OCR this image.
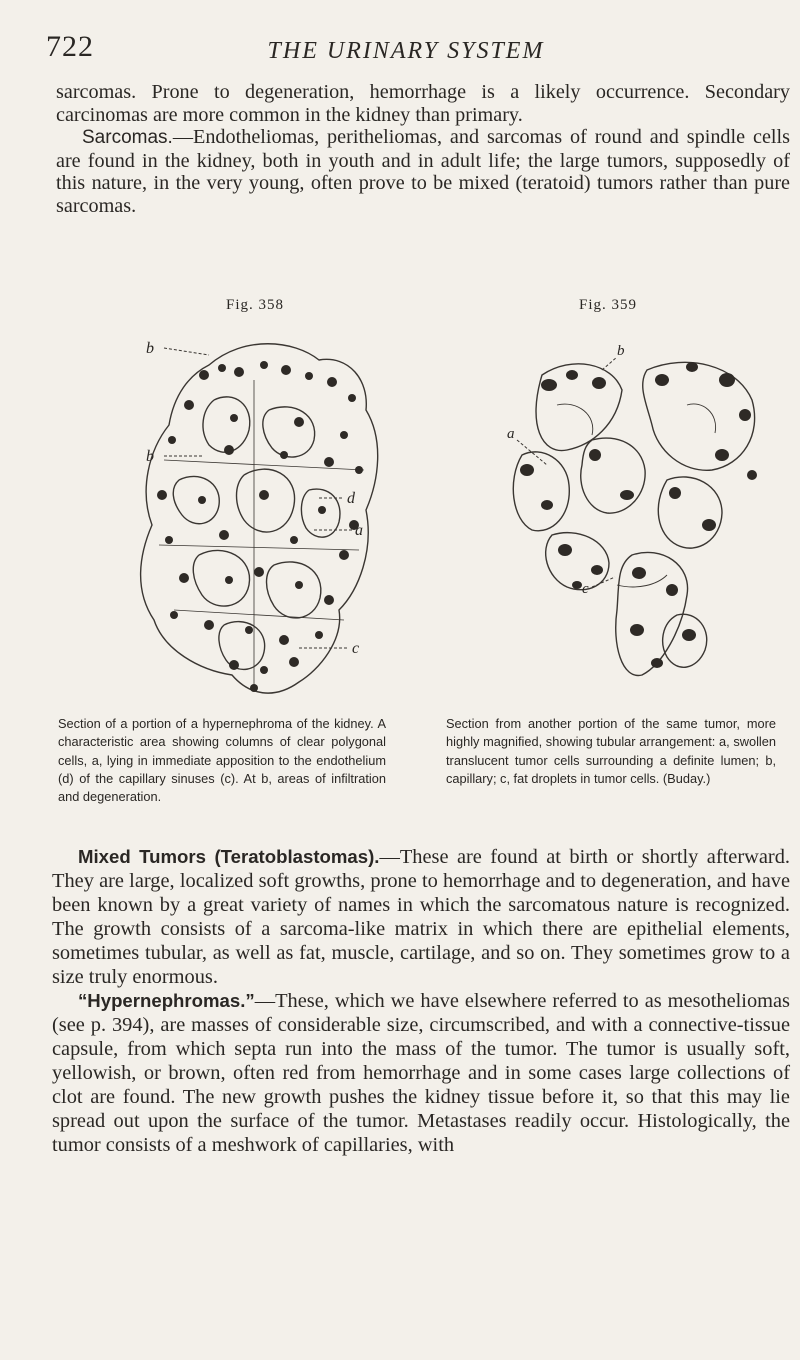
722	THE URINARY SYSTEM

sarcomas. Prone to degeneration, hemorrhage is a likely occurrence. Secondary carcinomas are more common in the kidney than primary.

Sarcomas.—Endotheliomas, peritheliomas, and sarcomas of round and spindle cells are found in the kidney, both in youth and in adult life; the large tumors, supposedly of this nature, in the very young, often prove to be mixed (teratoid) tumors rather than pure sarcomas.

Fig. 358	Fig. 359
b
b
d
a
c
b
a
c
Section of a portion of a hypernephroma of the kidney. A characteristic area showing columns of clear polygonal cells, a, lying in immediate apposition to the endothelium (d) of the capillary sinuses (c). At b, areas of infiltration and degeneration.
Section from another portion of the same tumor, more highly magnified, showing tubular arrangement: a, swollen translucent tumor cells surrounding a definite lumen; b, capillary; c, fat droplets in tumor cells. (Buday.)

Mixed Tumors (Teratoblastomas).—These are found at birth or shortly afterward. They are large, localized soft growths, prone to hemorrhage and to degeneration, and have been known by a great variety of names in which the sarcomatous nature is recognized. The growth consists of a sarcoma-like matrix in which there are epithelial elements, sometimes tubular, as well as fat, muscle, cartilage, and so on. They sometimes grow to a size truly enormous.

“Hypernephromas.”—These, which we have elsewhere referred to as mesotheliomas (see p. 394), are masses of considerable size, circumscribed, and with a connective-tissue capsule, from which septa run into the mass of the tumor. The tumor is usually soft, yellowish, or brown, often red from hemorrhage and in some cases large collections of clot are found. The new growth pushes the kidney tissue before it, so that this may lie spread out upon the surface of the tumor. Metastases readily occur. Histologically, the tumor consists of a meshwork of capillaries, with
